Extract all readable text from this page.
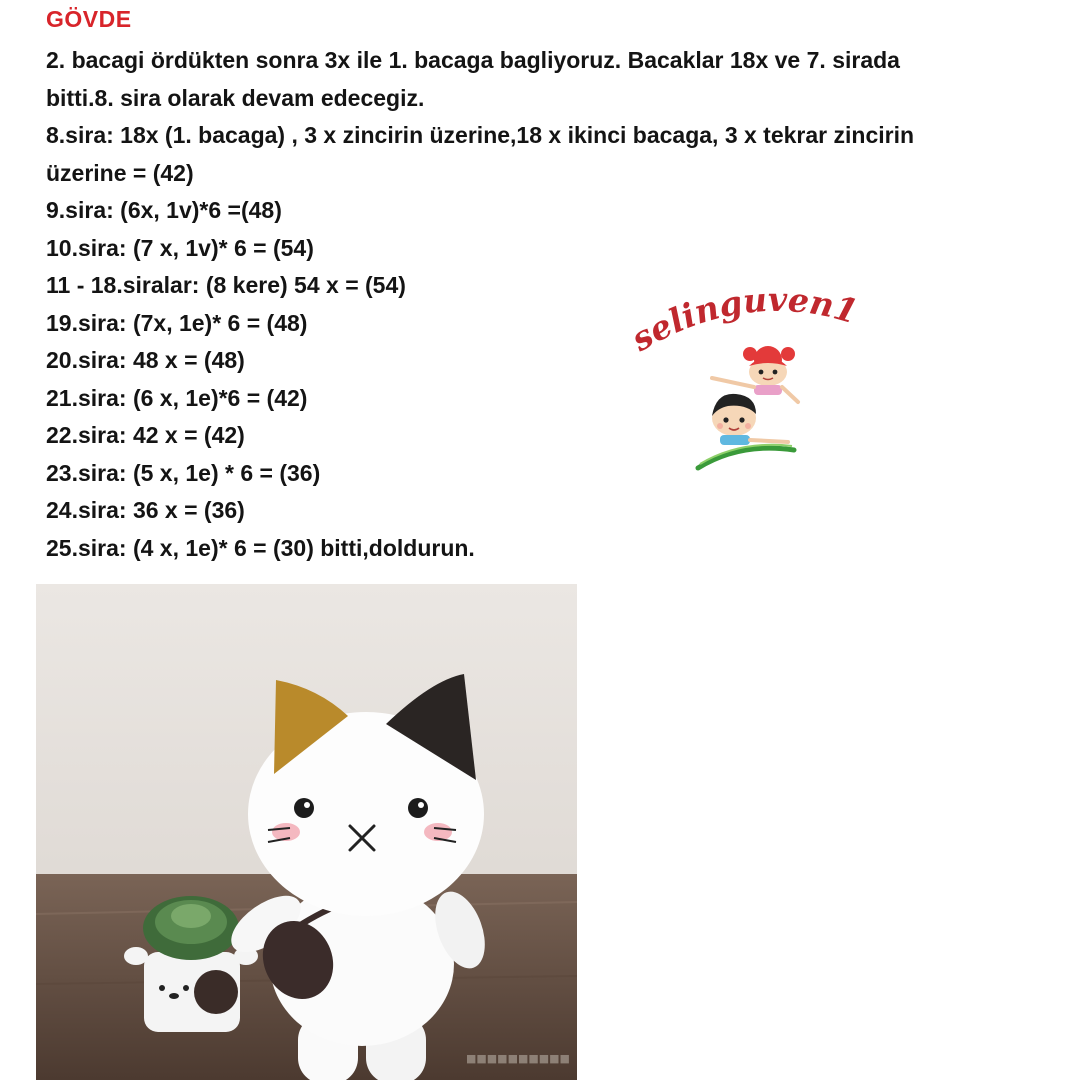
GÖVDE
2. bacagi ördükten sonra 3x ile 1. bacaga bagliyoruz. Bacaklar 18x ve 7. sirada
bitti.8. sira olarak devam edecegiz.
8.sira: 18x (1. bacaga) , 3 x zincirin üzerine,18 x ikinci bacaga, 3 x tekrar zincirin
üzerine = (42)
9.sira: (6x, 1v)*6 =(48)
10.sira: (7 x, 1v)* 6 = (54)
11 - 18.siralar: (8 kere) 54 x = (54)
19.sira: (7x, 1e)* 6 = (48)
20.sira: 48 x = (48)
21.sira: (6 x, 1e)*6 = (42)
22.sira: 42 x = (42)
23.sira: (5 x, 1e) * 6 = (36)
24.sira: 36 x = (36)
25.sira: (4 x, 1e)* 6 = (30) bitti,doldurun.
selinguven1
■■■■■■■■■■
